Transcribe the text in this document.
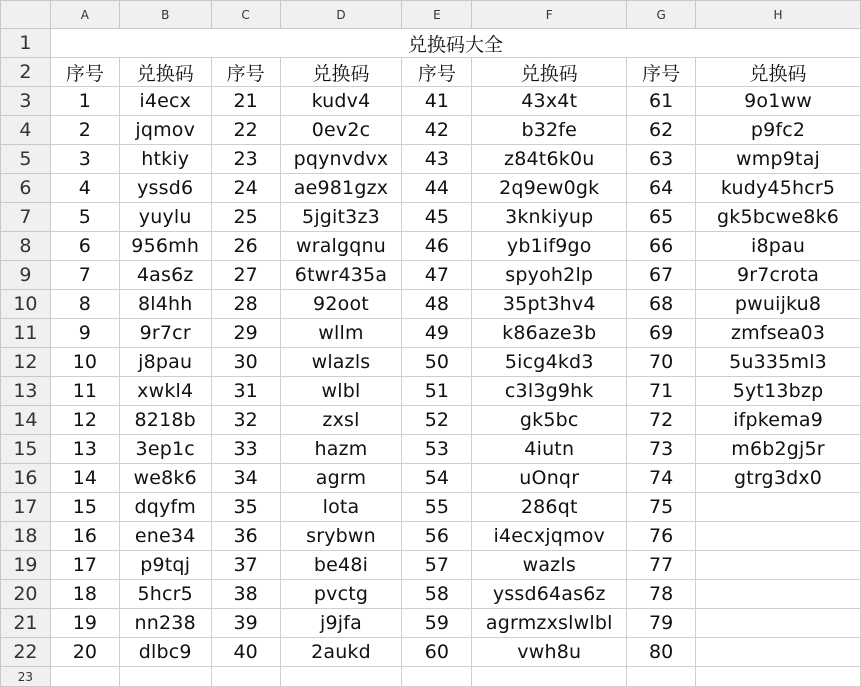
	A	B	C	D	E	F	G	H
1	兑换码大全							
2	序号	兑换码	序号	兑换码	序号	兑换码	序号	兑换码
3	1	i4ecx	21	kudv4	41	43x4t	61	9o1ww
4	2	jqmov	22	0ev2c	42	b32fe	62	p9fc2
5	3	htkiy	23	pqynvdvx	43	z84t6k0u	63	wmp9taj
6	4	yssd6	24	ae981gzx	44	2q9ew0gk	64	kudy45hcr5
7	5	yuylu	25	5jgit3z3	45	3knkiyup	65	gk5bcwe8k6
8	6	956mh	26	wralgqnu	46	yb1if9go	66	i8pau
9	7	4as6z	27	6twr435a	47	spyoh2lp	67	9r7crota
10	8	8l4hh	28	92oot	48	35pt3hv4	68	pwuijku8
11	9	9r7cr	29	wllm	49	k86aze3b	69	zmfsea03
12	10	j8pau	30	wlazls	50	5icg4kd3	70	5u335ml3
13	11	xwkl4	31	wlbl	51	c3l3g9hk	71	5yt13bzp
14	12	8218b	32	zxsl	52	gk5bc	72	ifpkema9
15	13	3ep1c	33	hazm	53	4iutn	73	m6b2gj5r
16	14	we8k6	34	agrm	54	uOnqr	74	gtrg3dx0
17	15	dqyfm	35	lota	55	286qt	75	
18	16	ene34	36	srybwn	56	i4ecxjqmov	76	
19	17	p9tqj	37	be48i	57	wazls	77	
20	18	5hcr5	38	pvctg	58	yssd64as6z	78	
21	19	nn238	39	j9jfa	59	agrmzxslwlbl	79	
22	20	dlbc9	40	2aukd	60	vwh8u	80	
23								
